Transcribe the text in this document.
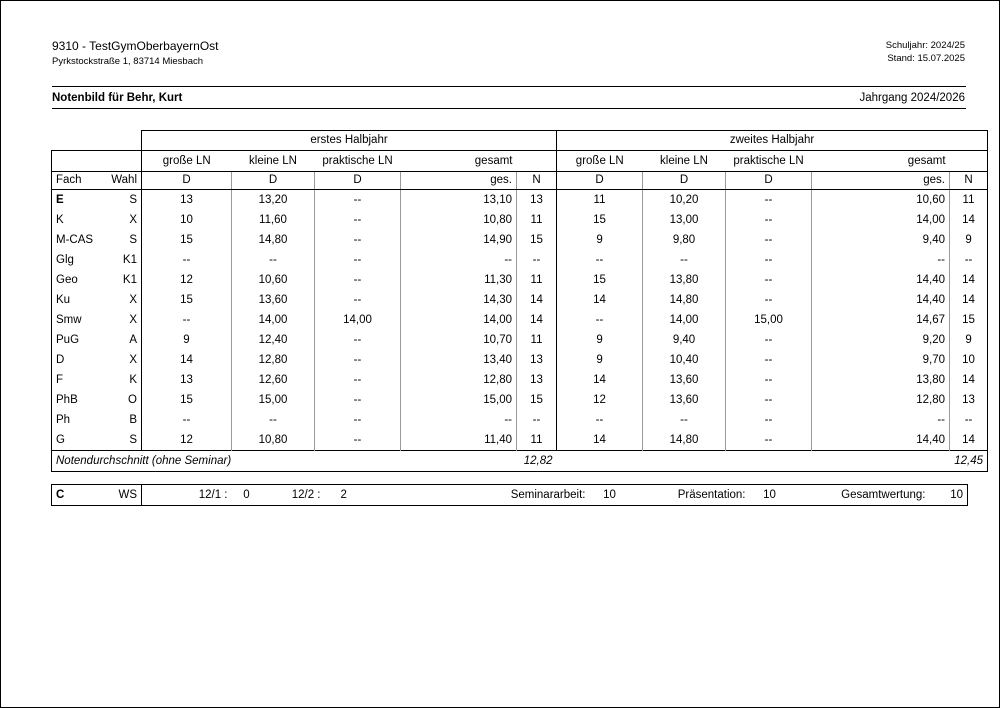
9310 - TestGymOberbayernOst
Pyrkstockstraße 1, 83714 Miesbach
Schuljahr: 2024/25
Stand: 15.07.2025
Notenbild für Behr, Kurt	Jahrgang 2024/2026
		erstes Halbjahr					zweites Halbjahr				
		große LN	kleine LN	praktische LN	gesamt		große LN	kleine LN	praktische LN	gesamt	
Fach	Wahl	D	D	D	ges.	N	D	D	D	ges.	N
E	S	13	13,20	--	13,10	13	11	10,20	--	10,60	11
K	X	10	11,60	--	10,80	11	15	13,00	--	14,00	14
M-CAS	S	15	14,80	--	14,90	15	9	9,80	--	9,40	9
Glg	K1	--	--	--	--	--	--	--	--	--	--
Geo	K1	12	10,60	--	11,30	11	15	13,80	--	14,40	14
Ku	X	15	13,60	--	14,30	14	14	14,80	--	14,40	14
Smw	X	--	14,00	14,00	14,00	14	--	14,00	15,00	14,67	15
PuG	A	9	12,40	--	10,70	11	9	9,40	--	9,20	9
D	X	14	12,80	--	13,40	13	9	10,40	--	9,70	10
F	K	13	12,60	--	12,80	13	14	13,60	--	13,80	14
PhB	O	15	15,00	--	15,00	15	12	13,60	--	12,80	13
Ph	B	--	--	--	--	--	--	--	--	--	--
G	S	12	10,80	--	11,40	11	14	14,80	--	14,40	14
Notendurchschnitt (ohne Seminar)						12,82					12,45
C	WS	12/1 :	0	12/2 :	2	Seminararbeit:	10	Präsentation:	10	Gesamtwertung:	10
